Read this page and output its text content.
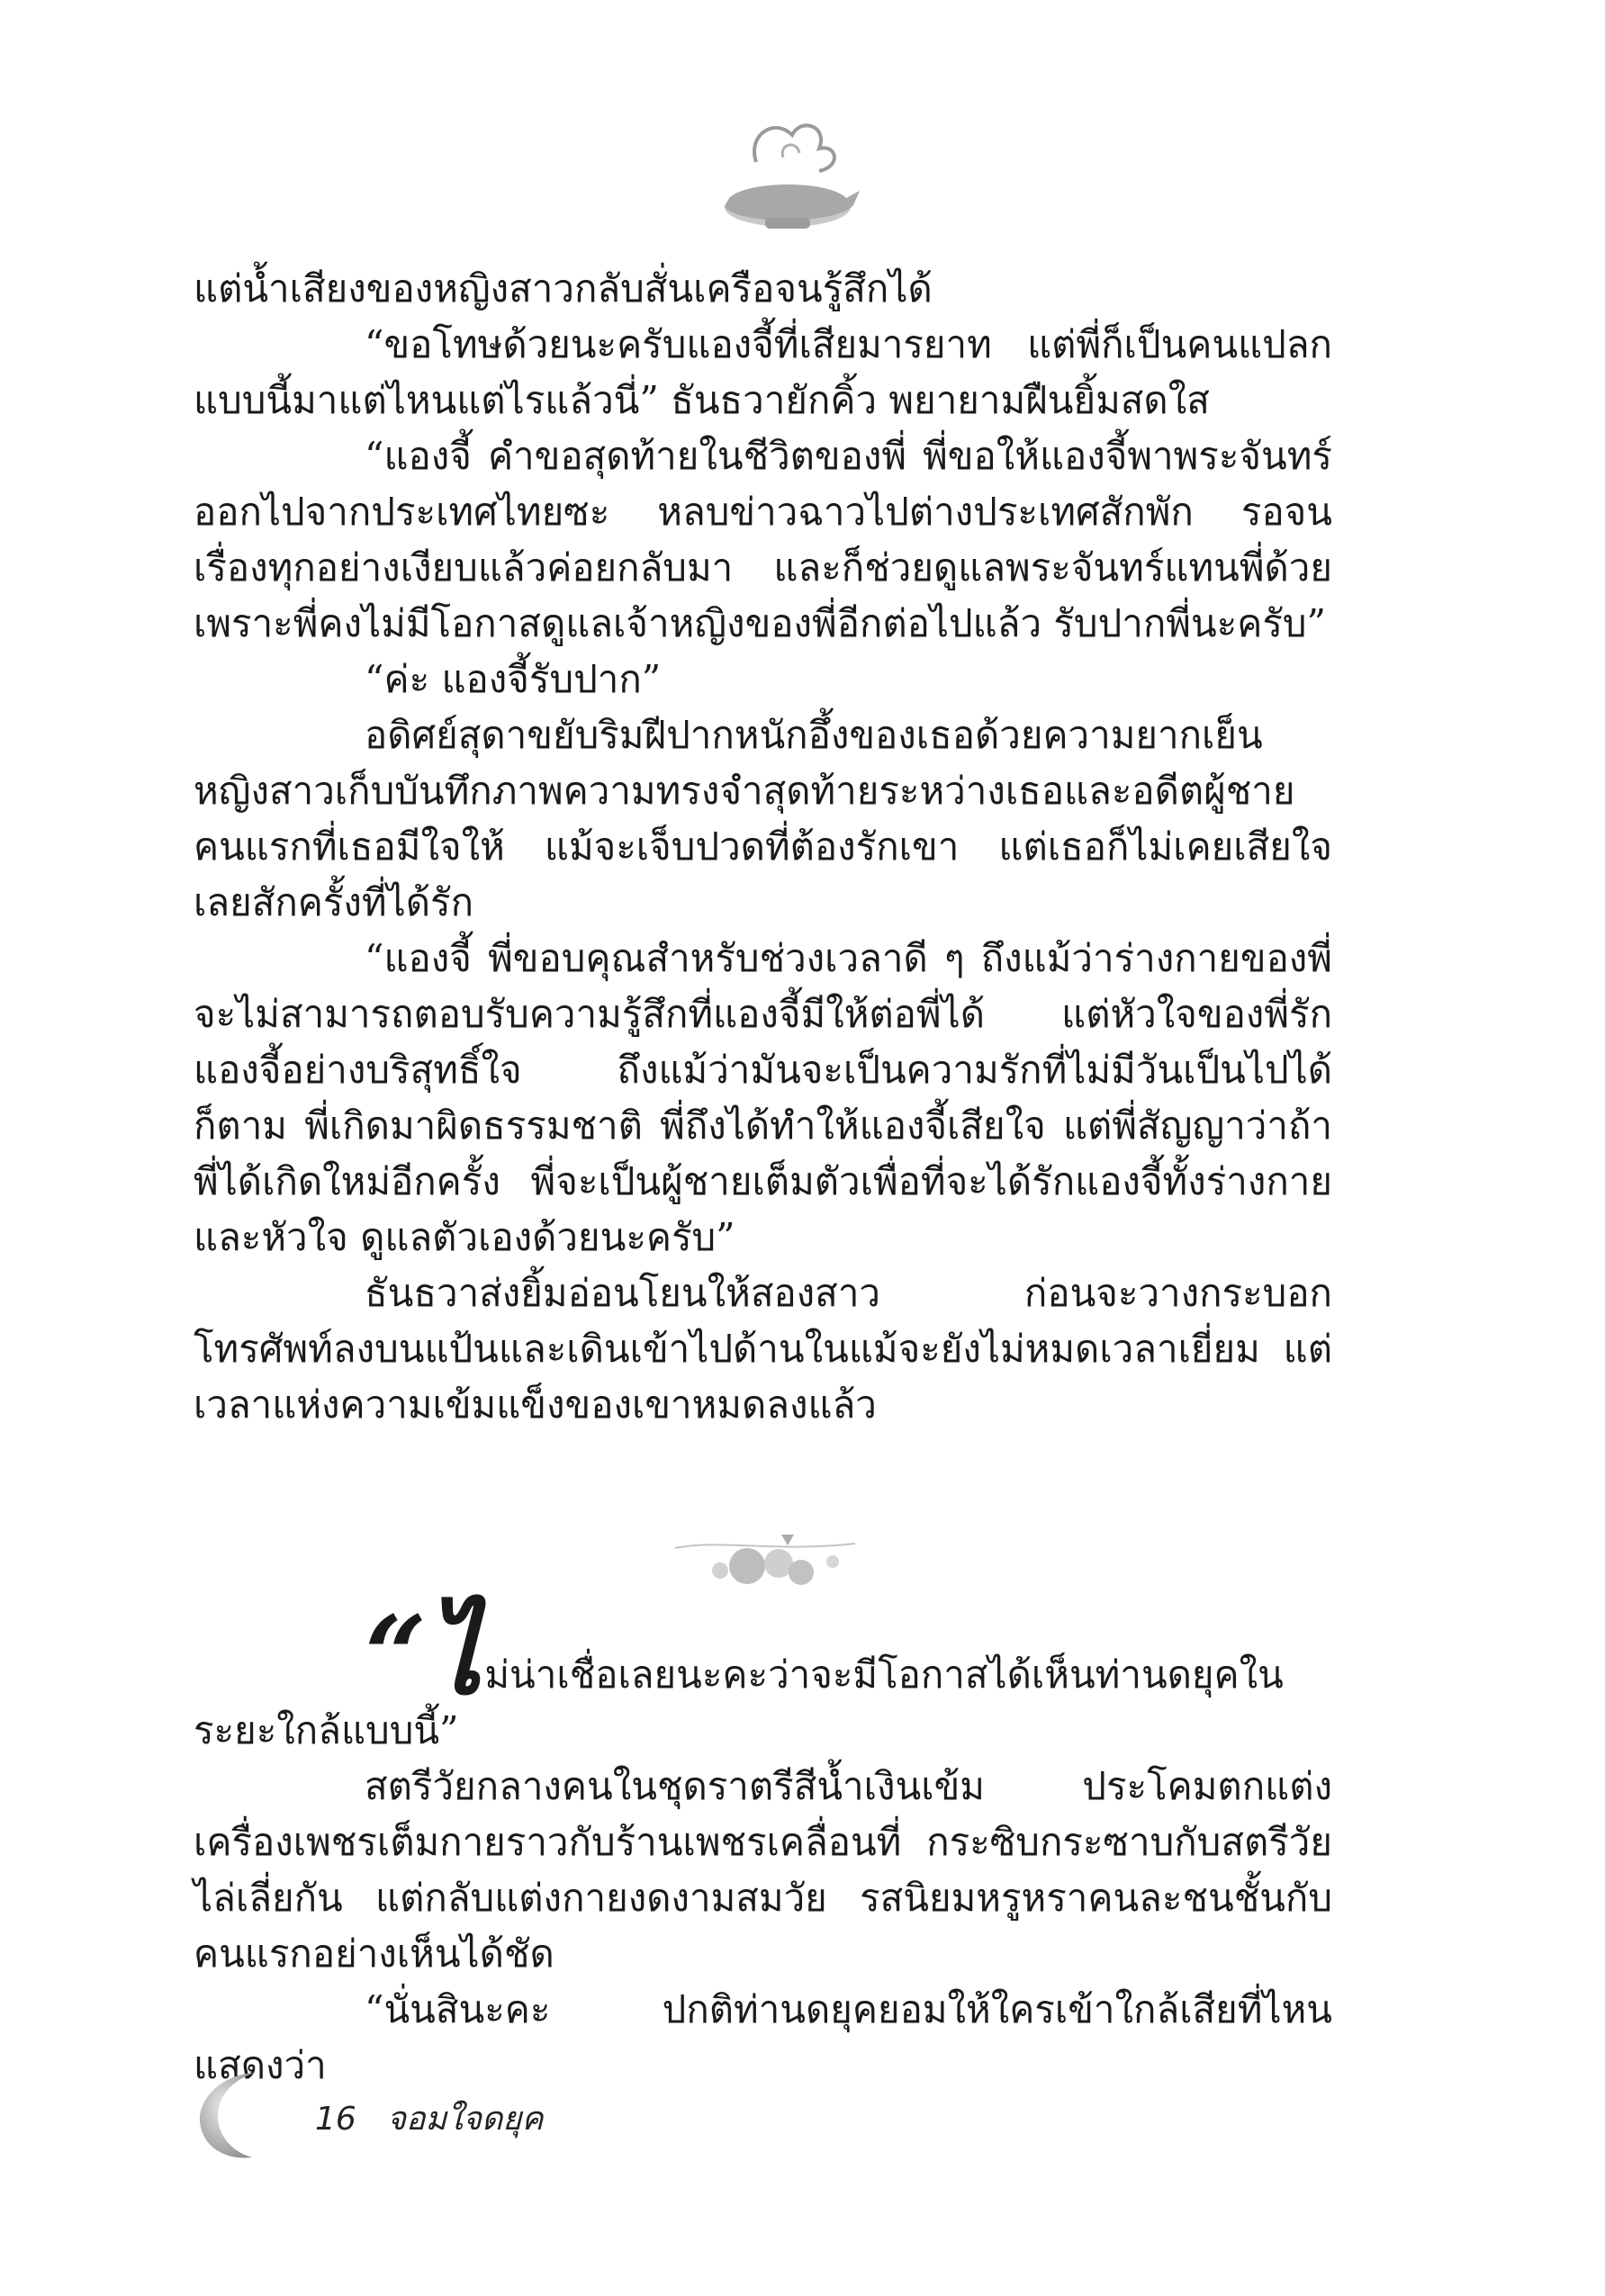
แต่น้ำเสียงของหญิงสาวกลับสั่นเครือจนรู้สึกได้

“ขอโทษด้วยนะครับแองจี้ที่เสียมารยาท แต่พี่ก็เป็นคนแปลกแบบนี้มาแต่ไหนแต่ไรแล้วนี่” ธันธวายักคิ้ว พยายามฝืนยิ้มสดใส

“แองจี้ คำขอสุดท้ายในชีวิตของพี่ พี่ขอให้แองจี้พาพระจันทร์ออกไปจากประเทศไทยซะ หลบข่าวฉาวไปต่างประเทศสักพัก รอจนเรื่องทุกอย่างเงียบแล้วค่อยกลับมา และก็ช่วยดูแลพระจันทร์แทนพี่ด้วย เพราะพี่คงไม่มีโอกาสดูแลเจ้าหญิงของพี่อีกต่อไปแล้ว รับปากพี่นะครับ”

“ค่ะ แองจี้รับปาก”

อดิศย์สุดาขยับริมฝีปากหนักอึ้งของเธอด้วยความยากเย็น หญิงสาวเก็บบันทึกภาพความทรงจำสุดท้ายระหว่างเธอและอดีตผู้ชายคนแรกที่เธอมีใจให้ แม้จะเจ็บปวดที่ต้องรักเขา แต่เธอก็ไม่เคยเสียใจเลยสักครั้งที่ได้รัก

“แองจี้ พี่ขอบคุณสำหรับช่วงเวลาดี ๆ ถึงแม้ว่าร่างกายของพี่จะไม่สามารถตอบรับความรู้สึกที่แองจี้มีให้ต่อพี่ได้ แต่หัวใจของพี่รักแองจี้อย่างบริสุทธิ์ใจ ถึงแม้ว่ามันจะเป็นความรักที่ไม่มีวันเป็นไปได้ก็ตาม พี่เกิดมาผิดธรรมชาติ พี่ถึงได้ทำให้แองจี้เสียใจ แต่พี่สัญญาว่าถ้าพี่ได้เกิดใหม่อีกครั้ง พี่จะเป็นผู้ชายเต็มตัวเพื่อที่จะได้รักแองจี้ทั้งร่างกายและหัวใจ ดูแลตัวเองด้วยนะครับ”

ธันธวาส่งยิ้มอ่อนโยนให้สองสาว ก่อนจะวางกระบอกโทรศัพท์ลงบนแป้นและเดินเข้าไปด้านในแม้จะยังไม่หมดเวลาเยี่ยม แต่เวลาแห่งความเข้มแข็งของเขาหมดลงแล้ว

“ไม่น่าเชื่อเลยนะคะว่าจะมีโอกาสได้เห็นท่านดยุคในระยะใกล้แบบนี้”

สตรีวัยกลางคนในชุดราตรีสีน้ำเงินเข้ม ประโคมตกแต่งเครื่องเพชรเต็มกายราวกับร้านเพชรเคลื่อนที่ กระซิบกระซาบกับสตรีวัยไล่เลี่ยกัน แต่กลับแต่งกายงดงามสมวัย รสนิยมหรูหราคนละชนชั้นกับคนแรกอย่างเห็นได้ชัด

“นั่นสินะคะ ปกติท่านดยุคยอมให้ใครเข้าใกล้เสียที่ไหน แสดงว่า

16 จอมใจดยุค
